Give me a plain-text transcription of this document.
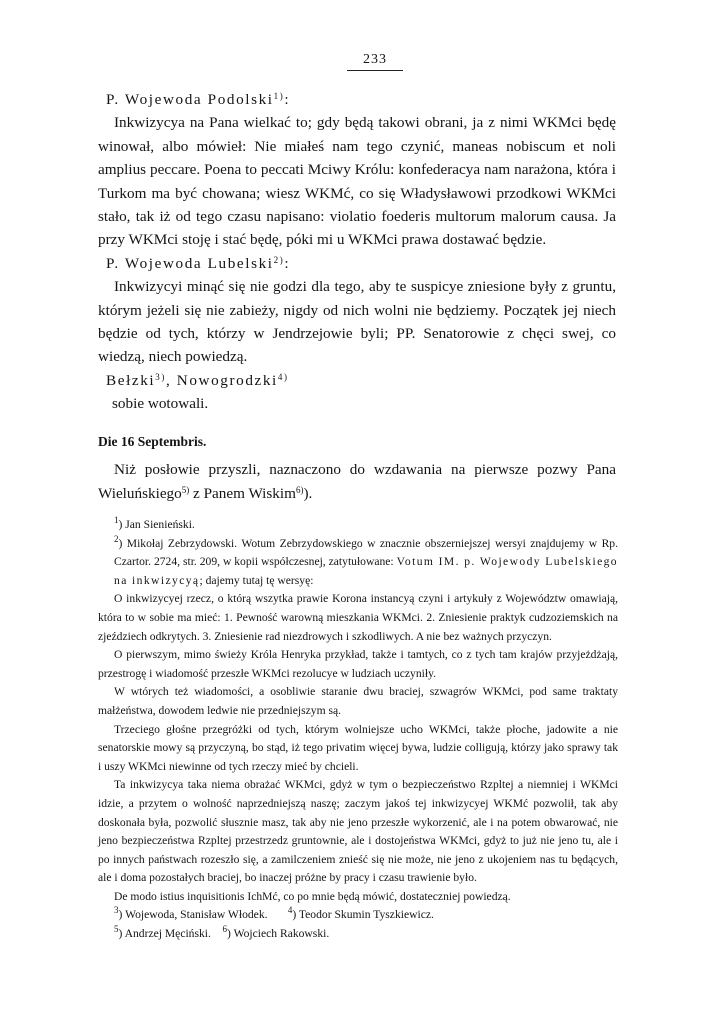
233

P. Wojewoda Podolski$^{1)}$:

Inkwizycya na Pana wielkać to; gdy będą takowi obrani, ja z nimi WKMci będę winował, albo mówieł: Nie miałeś nam tego czynić, maneas nobiscum et noli amplius peccare. Poena to peccati Mciwy Królu: konfederacya nam narażona, która i Turkom ma być chowana; wiesz WKMć, co się Władysławowi przodkowi WKMci stało, tak iż od tego czasu napisano: violatio foederis multorum malorum causa. Ja przy WKMci stoję i stać będę, póki mi u WKMci prawa dostawać będzie.

P. Wojewoda Lubelski$^{2)}$:

Inkwizycyi minąć się nie godzi dla tego, aby te suspicye zniesione były z gruntu, którym jeżeli się nie zabieży, nigdy od nich wolni nie będziemy. Początek jej niech będzie od tych, którzy w Jendrzejowie byli; PP. Senatorowie z chęci swej, co wiedzą, niech powiedzą.

Bełzki$^{3)}$, Nowogrodzki$^{4)}$

sobie wotowali.

Die 16 Septembris.

Niż posłowie przyszli, naznaczono do wzdawania na pierwsze pozwy Pana Wieluńskiego$^{5)}$ z Panem Wiskim$^{6)}$).

$^1$) Jan Sienieński.

$^2$) Mikołaj Zebrzydowski. Wotum Zebrzydowskiego w znacznie obszerniejszej wersyi znajdujemy w Rp. Czartor. 2724, str. 209, w kopii współczesnej, zatytułowane: Votum IM. p. Wojewody Lubelskiego na inkwizycyą; dajemy tutaj tę wersyę:

O inkwizycyej rzecz, o którą wszytka prawie Korona instancyą czyni i artykuły z Województw omawiają, która to w sobie ma mieć: 1. Pewność warowną mieszkania WKMci. 2. Zniesienie praktyk cudzoziemskich na zjeździech odkrytych. 3. Zniesienie rad niezdrowych i szkodliwych. A nie bez ważnych przyczyn.

O pierwszym, mimo świeży Króla Henryka przykład, także i tamtych, co z tych tam krajów przyjeżdżają, przestrogę i wiadomość przeszłe WKMci rezolucye w ludziach uczyniły.

W wtórych też wiadomości, a osobliwie staranie dwu braciej, szwagrów WKMci, pod same traktaty małżeństwa, dowodem ledwie nie przedniejszym są.

Trzeciego głośne przegróżki od tych, którym wolniejsze ucho WKMci, także płoche, jadowite a nie senatorskie mowy są przyczyną, bo stąd, iż tego privatim więcej bywa, ludzie colligują, którzy jako sprawy tak i uszy WKMci niewinne od tych rzeczy mieć by chcieli.

Ta inkwizycya taka niema obrażać WKMci, gdyż w tym o bezpieczeństwo Rzpltej a niemniej i WKMci idzie, a przytem o wolność naprzedniejszą naszę; zaczym jakoś tej inkwizycyej WKMć pozwolił, tak aby doskonała była, pozwolić słusznie masz, tak aby nie jeno przeszłe wykorzenić, ale i na potem obwarować, nie jeno bezpieczeństwa Rzpltej przestrzedz gruntownie, ale i dostojeństwa WKMci, gdyż to już nie jeno tu, ale i po innych państwach rozeszło się, a zamilczeniem znieść się nie może, nie jeno z ukojeniem nas tu będących, ale i doma pozostałych braciej, bo inaczej próżne by pracy i czasu trawienie było.

De modo istius inquisitionis IchMć, co po mnie będą mówić, dostateczniej powiedzą.

$^3$) Wojewoda, Stanisław Włodek. $^4$) Teodor Skumin Tyszkiewicz.

$^5$) Andrzej Męciński. $^6$) Wojciech Rakowski.
